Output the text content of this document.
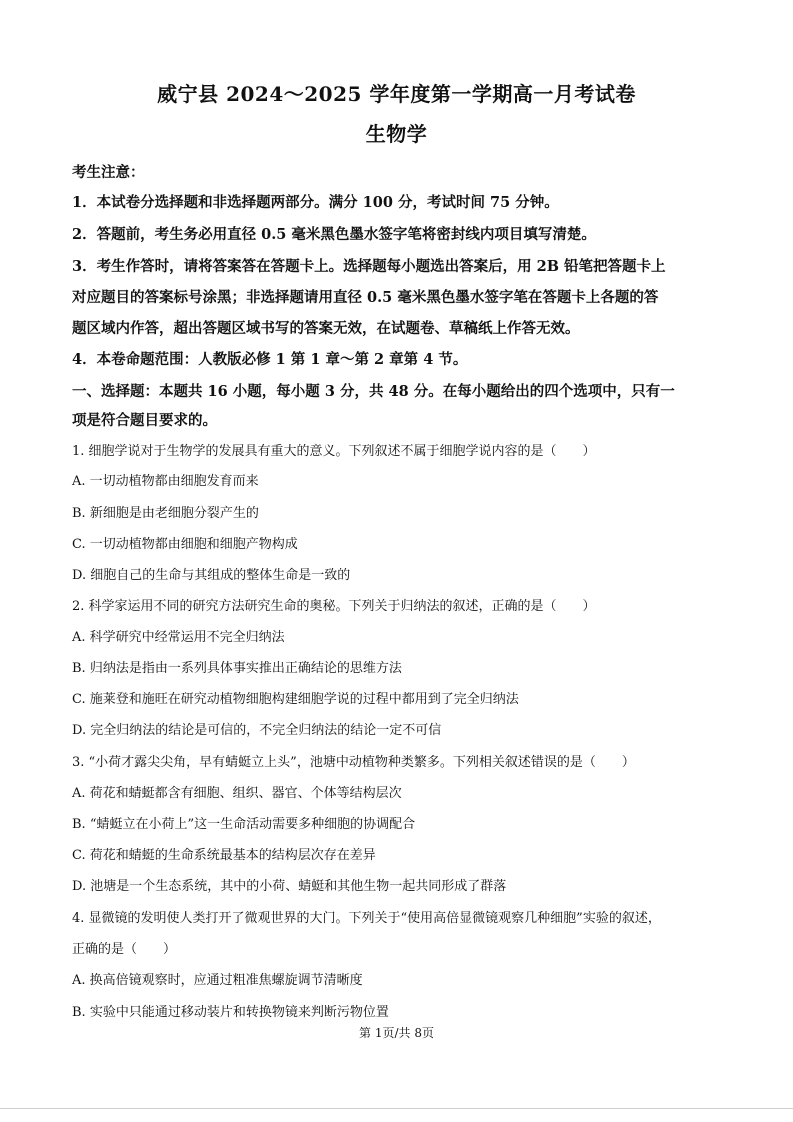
威宁县 2024～2025 学年度第一学期高一月考试卷
生物学
考生注意：
1．本试卷分选择题和非选择题两部分。满分 100 分，考试时间 75 分钟。
2．答题前，考生务必用直径 0.5 毫米黑色墨水签字笔将密封线内项目填写清楚。
3．考生作答时，请将答案答在答题卡上。选择题每小题选出答案后，用 2B 铅笔把答题卡上
对应题目的答案标号涂黑；非选择题请用直径 0.5 毫米黑色墨水签字笔在答题卡上各题的答
题区域内作答，超出答题区域书写的答案无效，在试题卷、草稿纸上作答无效。
4．本卷命题范围：人教版必修 1 第 1 章～第 2 章第 4 节。
一、选择题：本题共 16 小题，每小题 3 分，共 48 分。在每小题给出的四个选项中，只有一
项是符合题目要求的。
1. 细胞学说对于生物学的发展具有重大的意义。下列叙述不属于细胞学说内容的是（　　）
A. 一切动植物都由细胞发育而来
B. 新细胞是由老细胞分裂产生的
C. 一切动植物都由细胞和细胞产物构成
D. 细胞自己的生命与其组成的整体生命是一致的
2. 科学家运用不同的研究方法研究生命的奥秘。下列关于归纳法的叙述，正确的是（　　）
A. 科学研究中经常运用不完全归纳法
B. 归纳法是指由一系列具体事实推出正确结论的思维方法
C. 施莱登和施旺在研究动植物细胞构建细胞学说的过程中都用到了完全归纳法
D. 完全归纳法的结论是可信的，不完全归纳法的结论一定不可信
3. “小荷才露尖尖角，早有蜻蜓立上头”，池塘中动植物种类繁多。下列相关叙述错误的是（　　）
A. 荷花和蜻蜓都含有细胞、组织、器官、个体等结构层次
B. “蜻蜓立在小荷上”这一生命活动需要多种细胞的协调配合
C. 荷花和蜻蜓的生命系统最基本的结构层次存在差异
D. 池塘是一个生态系统，其中的小荷、蜻蜓和其他生物一起共同形成了群落
4. 显微镜的发明使人类打开了微观世界的大门。下列关于“使用高倍显微镜观察几种细胞”实验的叙述，
正确的是（　　）
A. 换高倍镜观察时，应通过粗准焦螺旋调节清晰度
B. 实验中只能通过移动装片和转换物镜来判断污物位置
第 1页/共 8页
